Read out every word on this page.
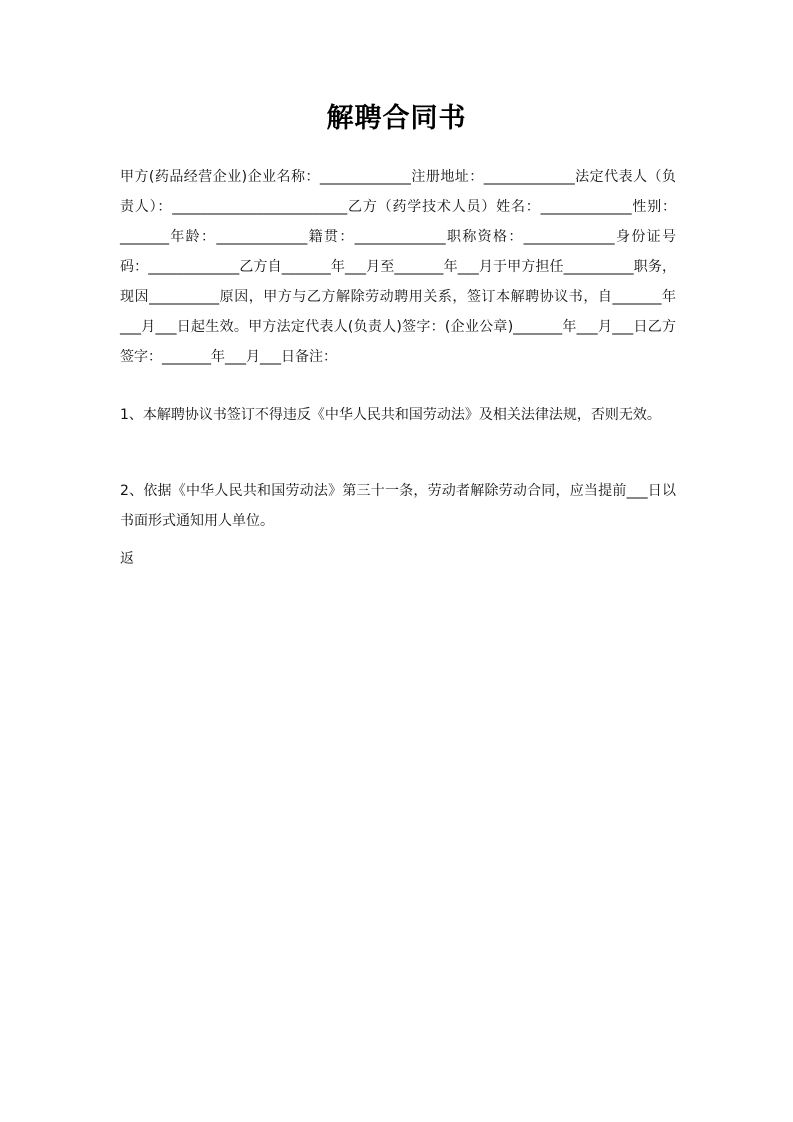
解聘合同书

甲方(药品经营企业)企业名称：_____________注册地址：_____________法定代表人（负责人）：_________________________乙方（药学技术人员）姓名：_____________性别：_______年龄：_____________籍贯：_____________职称资格：_____________身份证号码：_____________乙方自_______年___月至_______年___月于甲方担任__________职务，现因__________原因，甲方与乙方解除劳动聘用关系，签订本解聘协议书，自_______年___月___日起生效。甲方法定代表人(负责人)签字：(企业公章)_______年___月___日乙方签字：_______年___月___日备注：

1、本解聘协议书签订不得违反《中华人民共和国劳动法》及相关法律法规，否则无效。

2、依据《中华人民共和国劳动法》第三十一条，劳动者解除劳动合同，应当提前___日以书面形式通知用人单位。

返
